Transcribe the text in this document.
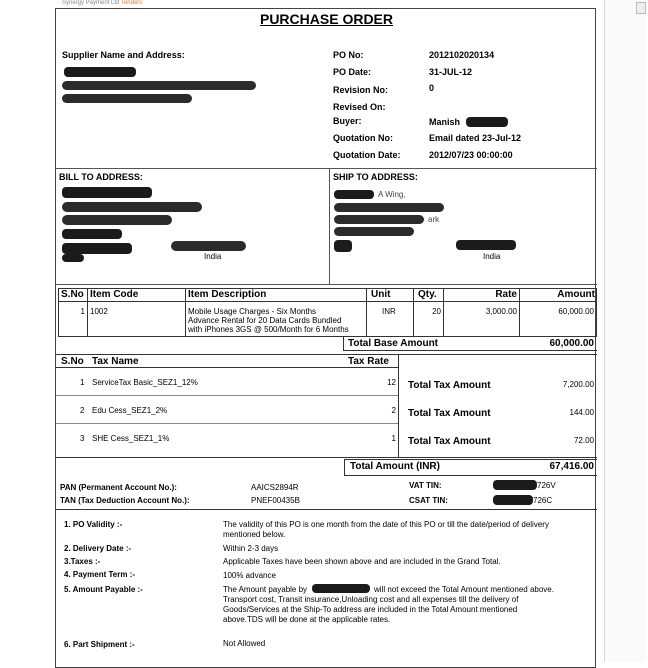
Synergy Payment Ltd Tenders
PURCHASE ORDER
Supplier Name and Address:	PO No:	2012102020134
PO Date:	31-JUL-12
Revision No:	0
Revised On:
Buyer:	Manish
Quotation No:	Email dated 23-Jul-12
Quotation Date:	2012/07/23 00:00:00
BILL TO ADDRESS:
India
SHIP TO ADDRESS:
A Wing,
ark
India
S.No Item Code	Item Description	Unit	Qty.	Rate	Amount
1 1002	Mobile Usage Charges - Six Months
Advance Rental for 20 Data Cards Bundled
with iPhones 3GS @ 500/Month for 6 Months
INR	20	3,000.00	60,000.00
Total Base Amount	60,000.00
S.No Tax Name	Tax Rate
1 ServiceTax Basic_SEZ1_12%	12 Total Tax Amount	7,200.00
2 Edu Cess_SEZ1_2%	2 Total Tax Amount	144.00
3 SHE Cess_SEZ1_1%	1 Total Tax Amount	72.00
Total Amount (INR)	67,416.00
PAN (Permanent Account No.):	AAICS2894R
TAN (Tax Deduction Account No.):	PNEF00435B
VAT TIN:	726V
CSAT TIN:	726C
1. PO Validity :-	The validity of this PO is one month from the date of this PO or till the date/period of delivery
mentioned below.
2. Delivery Date :-	Within 2-3 days
3.Taxes :-	Applicable Taxes have been shown above and are included in the Grand Total.
4. Payment Term :-	100% advance
5. Amount Payable :-	The Amount payable by	will not exceed the Total Amount mentioned above.
Transport cost, Transit insurance,Unloading cost and all expenses till the delivery of
Goods/Services at the Ship-To address are included in the Total Amount mentioned
above.TDS will be done at the applicable rates.
6. Part Shipment :-	Not Allowed
